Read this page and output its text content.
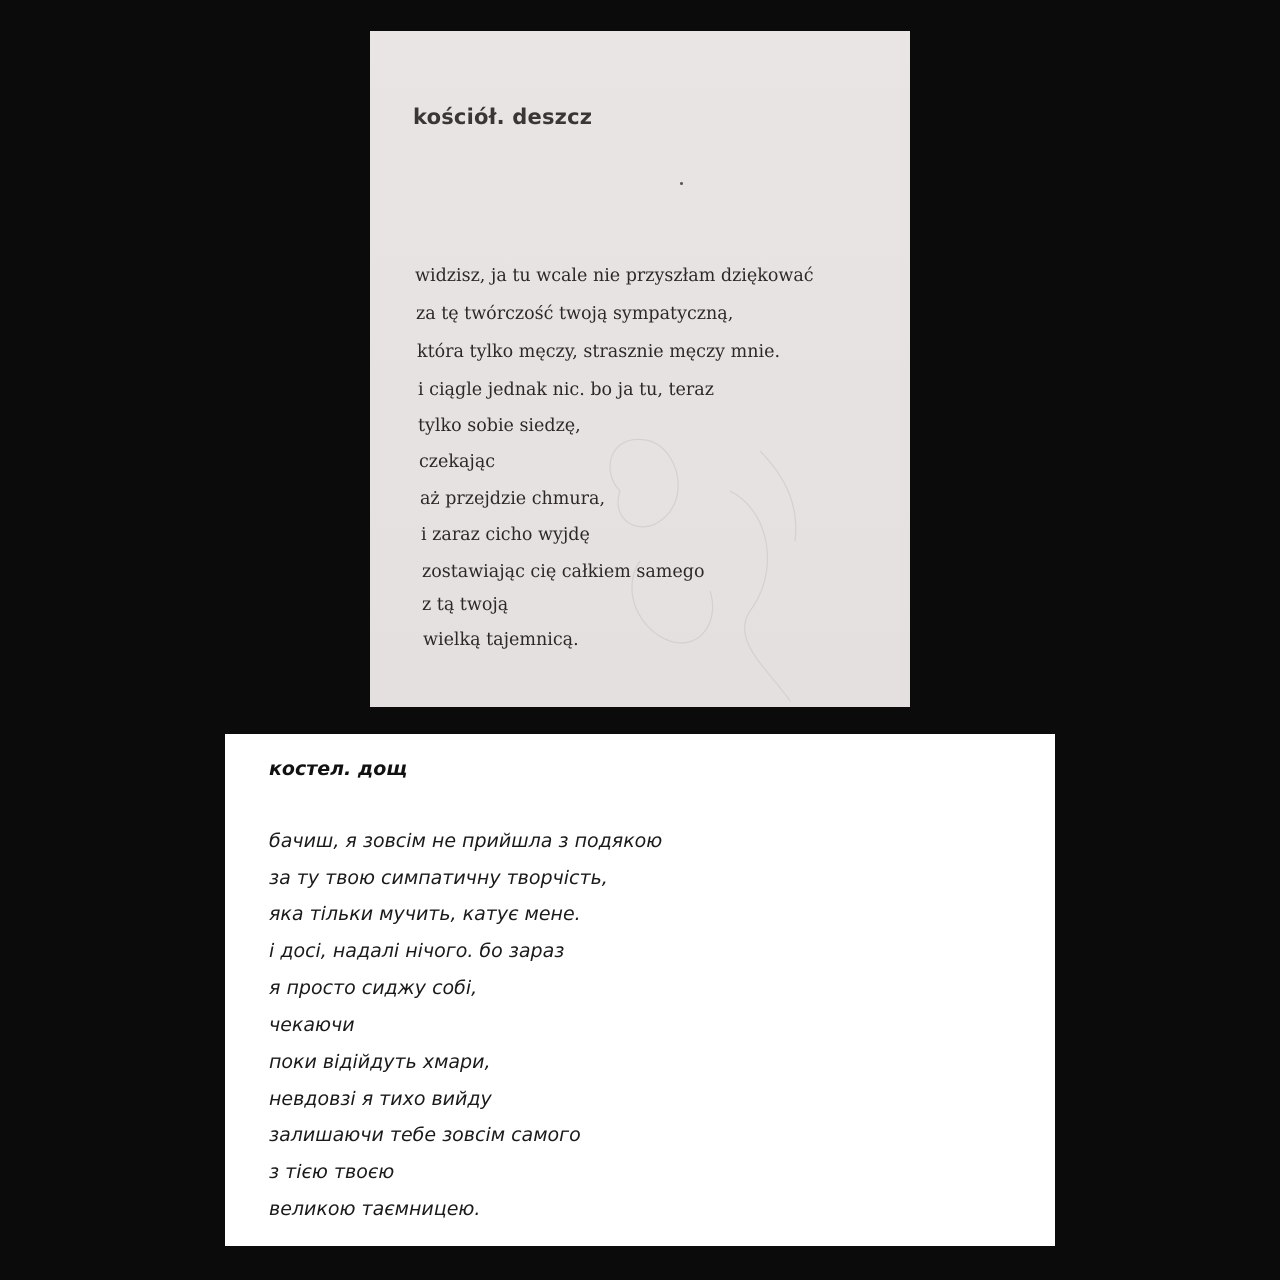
kościół. deszcz
widzisz, ja tu wcale nie przyszłam dziękować
za tę twórczość twoją sympatyczną,
która tylko męczy, strasznie męczy mnie.
i ciągle jednak nic. bo ja tu, teraz
tylko sobie siedzę,
czekając
aż przejdzie chmura,
i zaraz cicho wyjdę
zostawiając cię całkiem samego
z tą twoją
wielką tajemnicą.
костел. дощ
бачиш, я зовсім не прийшла з подякою
за ту твою симпатичну творчість,
яка тільки мучить, катує мене.
і досі, надалі нічого. бо зараз
я просто сиджу собі,
чекаючи
поки відійдуть хмари,
невдовзі я тихо вийду
залишаючи тебе зовсім самого
з тією твоєю
великою таємницею.
